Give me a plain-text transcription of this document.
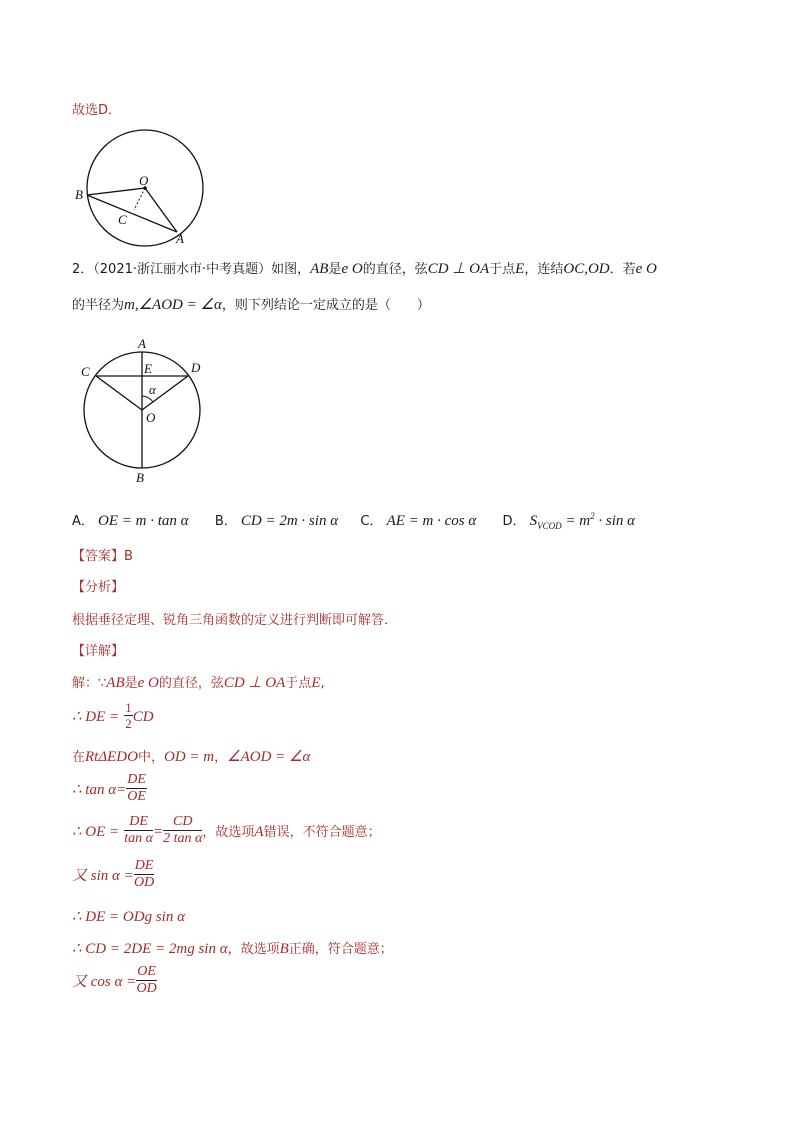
故选D．
O
B
C
A
2．（2021·浙江丽水市·中考真题）如图，AB是e O的直径，弦CD ⊥ OA于点E，连结OC,OD．若e O
的半径为m,∠AOD = ∠α，则下列结论一定成立的是（　　）
A
E
C	D
α
O
B
A． OE = m · tan α B． CD = 2m · sin α C． AE = m · cos α D． $S_{VCOD} = m^2 \cdot \sin \alpha$
【答案】B
【分析】
根据垂径定理、锐角三角函数的定义进行判断即可解答．
【详解】
解：∵AB是e O的直径，弦CD ⊥ OA于点E,
∴ DE = $\frac{1}{2}$ CD
在RtΔEDO中，OD = m，∠AOD = ∠α
∴ $\tan \alpha= \frac{DE}{OE}$
∴ OE = $\frac{DE}{\text{tan α}} = \frac{CD}{\text{2 tan α}}$ ，故选项A错误，不符合题意；
又 $\sin \alpha = \frac{DE}{OD}$
∴ DE = ODg sin α
∴ CD = 2DE = 2mg sin α，故选项B正确，符合题意；
又 $\cos \alpha = \frac{OE}{OD}$
